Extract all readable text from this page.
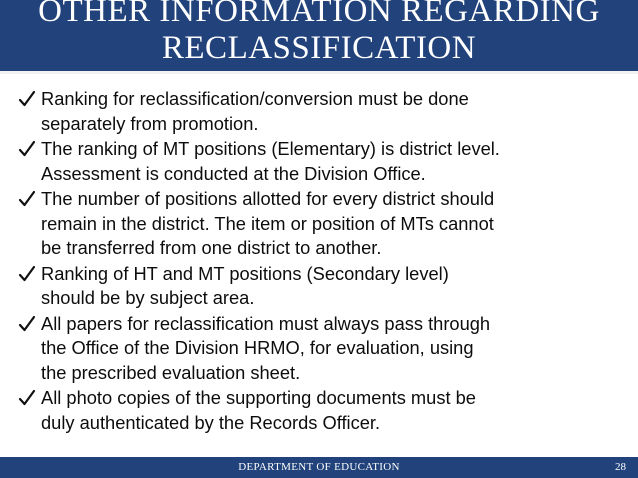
OTHER INFORMATION REGARDING
RECLASSIFICATION
Ranking for reclassification/conversion must be done
separately from promotion.
The ranking of MT positions (Elementary) is district level.
Assessment is conducted at the Division Office.
The number of positions allotted for every district should
remain in the district. The item or position of MTs cannot
be transferred from one district to another.
Ranking of HT and MT positions (Secondary level)
should be by subject area.
All papers for reclassification must always pass through
the Office of the Division HRMO, for evaluation, using
the prescribed evaluation sheet.
All photo copies of the supporting documents must be
duly authenticated by the Records Officer.
DEPARTMENT OF EDUCATION	28
